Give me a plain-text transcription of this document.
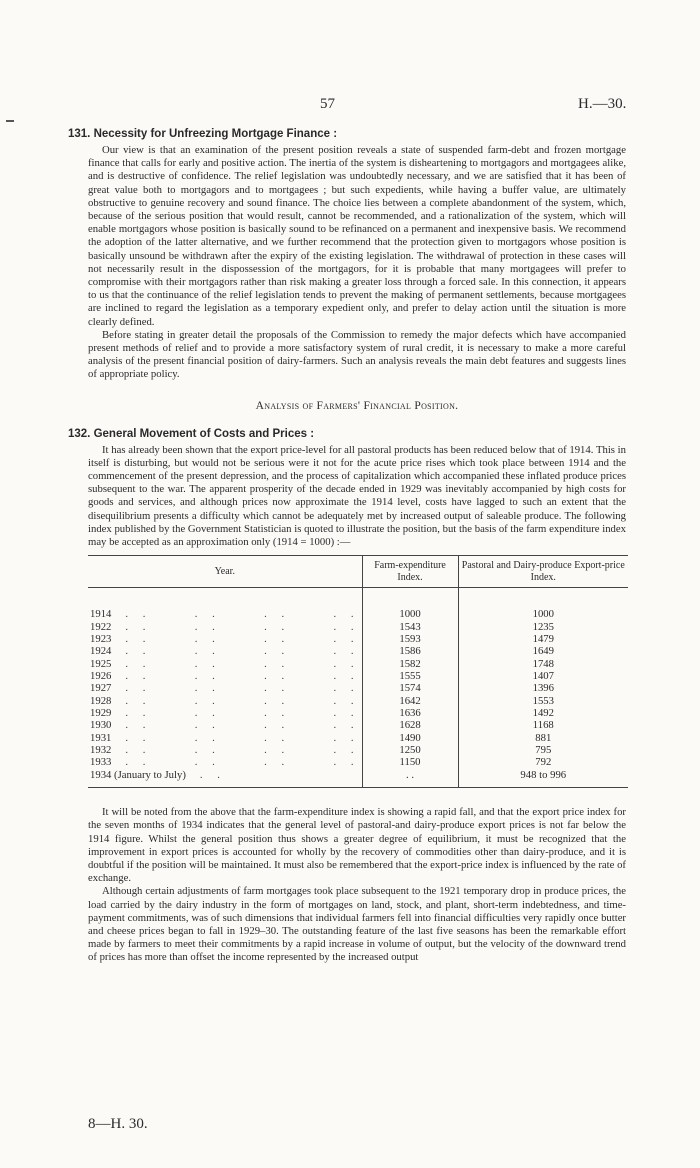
57	H.—30.
131. Necessity for Unfreezing Mortgage Finance :

Our view is that an examination of the present position reveals a state of suspended farm-debt and frozen mortgage finance that calls for early and positive action. The inertia of the system is disheartening to mortgagors and mortgagees alike, and is destructive of confidence. The relief legislation was undoubtedly necessary, and we are satisfied that it has been of great value both to mortgagors and to mortgagees ; but such expedients, while having a buffer value, are ultimately obstructive to genuine recovery and sound finance. The choice lies between a complete abandonment of the system, which, because of the serious position that would result, cannot be recommended, and a rationalization of the system, which will enable mortgagors whose position is basically sound to be refinanced on a permanent and inexpensive basis. We recommend the adoption of the latter alternative, and we further recommend that the protection given to mortgagors whose position is basically unsound be withdrawn after the expiry of the existing legislation. The withdrawal of protection in these cases will not necessarily result in the dispossession of the mortgagors, for it is probable that many mortgagees will prefer to compromise with their mortgagors rather than risk making a greater loss through a forced sale. In this connection, it appears to us that the continuance of the relief legislation tends to prevent the making of permanent settlements, because mortgagees are inclined to regard the legislation as a temporary expedient only, and prefer to delay action until the situation is more clearly defined.

Before stating in greater detail the proposals of the Commission to remedy the major defects which have accompanied present methods of relief and to provide a more satisfactory system of rural credit, it is necessary to make a more careful analysis of the present financial position of dairy-farmers. Such an analysis reveals the main debt features and suggests lines of appropriate policy.

Analysis of Farmers' Financial Position.
132. General Movement of Costs and Prices :

It has already been shown that the export price-level for all pastoral products has been reduced below that of 1914. This in itself is disturbing, but would not be serious were it not for the acute price rises which took place between 1914 and the commencement of the present depression, and the process of capitalization which accompanied these inflated produce prices subsequent to the war. The apparent prosperity of the decade ended in 1929 was inevitably accompanied by high costs for goods and services, and although prices now approximate the 1914 level, costs have lagged to such an extent that the disequilibrium presents a difficulty which cannot be adequately met by increased output of saleable produce. The following index published by the Government Statistician is quoted to illustrate the position, but the basis of the farm expenditure index may be accepted as an approximation only (1914 = 1000) :—

Year.	Farm-expenditure Index.	Pastoral and Dairy-produce Export-price Index.

1914 . .     . .     . .     . .	1000	1000
1922 . .     . .     . .     . .	1543	1235
1923 . .     . .     . .     . .	1593	1479
1924 . .     . .     . .     . .	1586	1649
1925 . .     . .     . .     . .	1582	1748
1926 . .     . .     . .     . .	1555	1407
1927 . .     . .     . .     . .	1574	1396
1928 . .     . .     . .     . .	1642	1553
1929 . .     . .     . .     . .	1636	1492
1930 . .     . .     . .     . .	1628	1168
1931 . .     . .     . .     . .	1490	881
1932 . .     . .     . .     . .	1250	795
1933 . .     . .     . .     . .	1150	792
1934 (January to July) . .	. .	948 to 996

It will be noted from the above that the farm-expenditure index is showing a rapid fall, and that the export price index for the seven months of 1934 indicates that the general level of pastoral-and dairy-produce export prices is not far below the 1914 figure. Whilst the general position thus shows a greater degree of equilibrium, it must be recognized that the improvement in export prices is accounted for wholly by the recovery of commodities other than dairy-produce, and it is doubtful if the position will be maintained. It must also be remembered that the export-price index is influenced by the rate of exchange.

Although certain adjustments of farm mortgages took place subsequent to the 1921 temporary drop in produce prices, the load carried by the dairy industry in the form of mortgages on land, stock, and plant, short-term indebtedness, and time-payment commitments, was of such dimensions that individual farmers fell into financial difficulties very rapidly once butter and cheese prices began to fall in 1929–30. The outstanding feature of the last five seasons has been the remarkable effort made by farmers to meet their commitments by a rapid increase in volume of output, but the velocity of the downward trend of prices has more than offset the income represented by the increased output

8—H. 30.
